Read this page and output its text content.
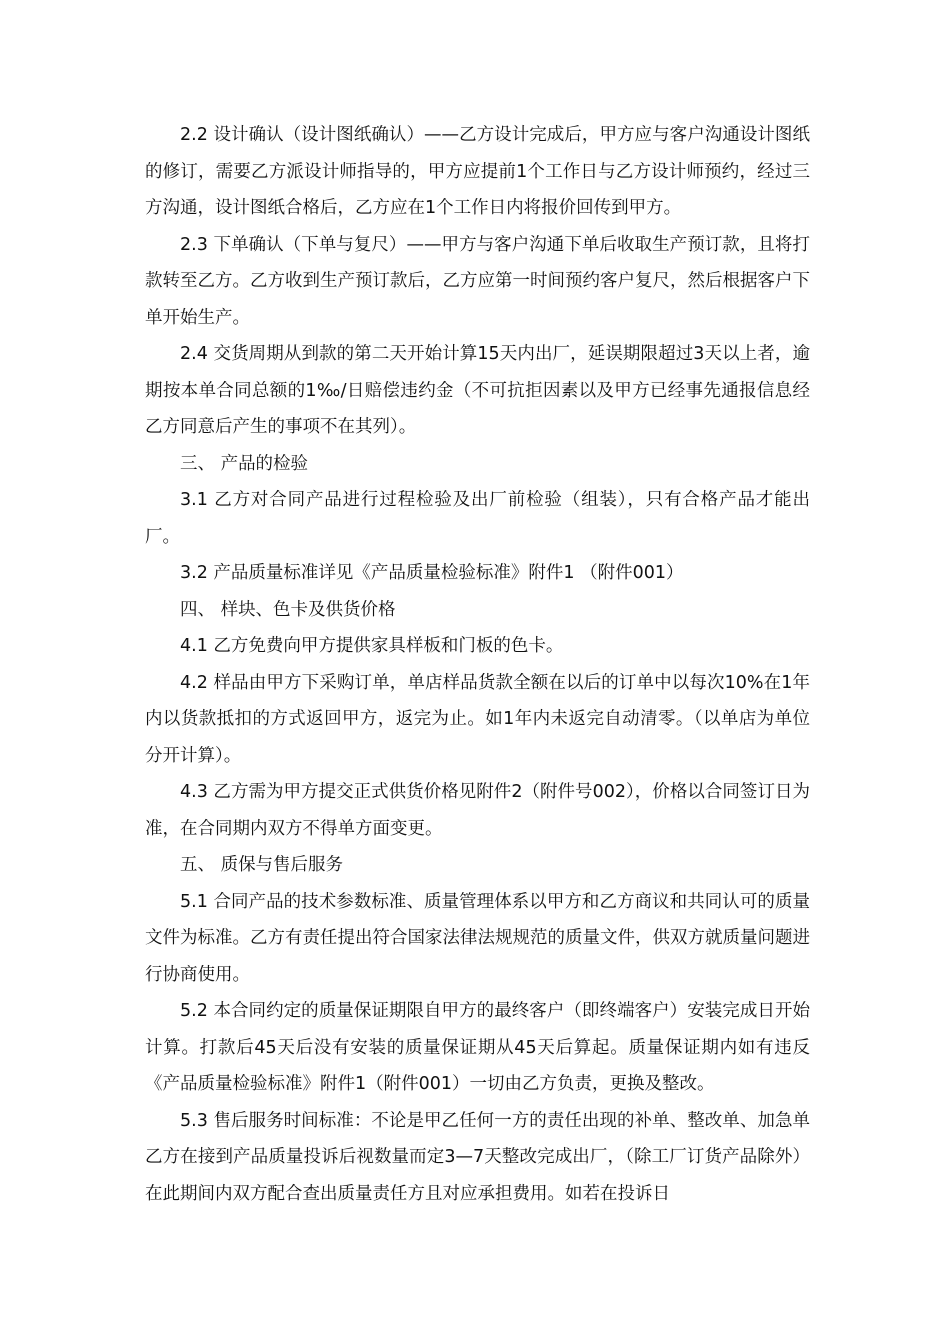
2.2 设计确认（设计图纸确认）——乙方设计完成后，甲方应与客户沟通设计图纸的修订，需要乙方派设计师指导的，甲方应提前1个工作日与乙方设计师预约，经过三方沟通，设计图纸合格后，乙方应在1个工作日内将报价回传到甲方。

2.3 下单确认（下单与复尺）——甲方与客户沟通下单后收取生产预订款，且将打款转至乙方。乙方收到生产预订款后，乙方应第一时间预约客户复尺，然后根据客户下单开始生产。

2.4 交货周期从到款的第二天开始计算15天内出厂，延误期限超过3天以上者，逾期按本单合同总额的1‰/日赔偿违约金（不可抗拒因素以及甲方已经事先通报信息经乙方同意后产生的事项不在其列）。

三、 产品的检验

3.1 乙方对合同产品进行过程检验及出厂前检验（组装），只有合格产品才能出厂。

3.2 产品质量标准详见《产品质量检验标准》附件1 （附件001）

四、 样块、色卡及供货价格

4.1 乙方免费向甲方提供家具样板和门板的色卡。

4.2 样品由甲方下采购订单，单店样品货款全额在以后的订单中以每次10%在1年内以货款抵扣的方式返回甲方，返完为止。如1年内未返完自动清零。（以单店为单位分开计算）。

4.3 乙方需为甲方提交正式供货价格见附件2（附件号002），价格以合同签订日为准，在合同期内双方不得单方面变更。

五、 质保与售后服务

5.1 合同产品的技术参数标准、质量管理体系以甲方和乙方商议和共同认可的质量文件为标准。乙方有责任提出符合国家法律法规规范的质量文件，供双方就质量问题进行协商使用。

5.2 本合同约定的质量保证期限自甲方的最终客户（即终端客户）安装完成日开始计算。打款后45天后没有安装的质量保证期从45天后算起。质量保证期内如有违反《产品质量检验标准》附件1（附件001）一切由乙方负责，更换及整改。

5.3 售后服务时间标准：不论是甲乙任何一方的责任出现的补单、整改单、加急单乙方在接到产品质量投诉后视数量而定3—7天整改完成出厂，（除工厂订货产品除外）在此期间内双方配合查出质量责任方且对应承担费用。如若在投诉日
